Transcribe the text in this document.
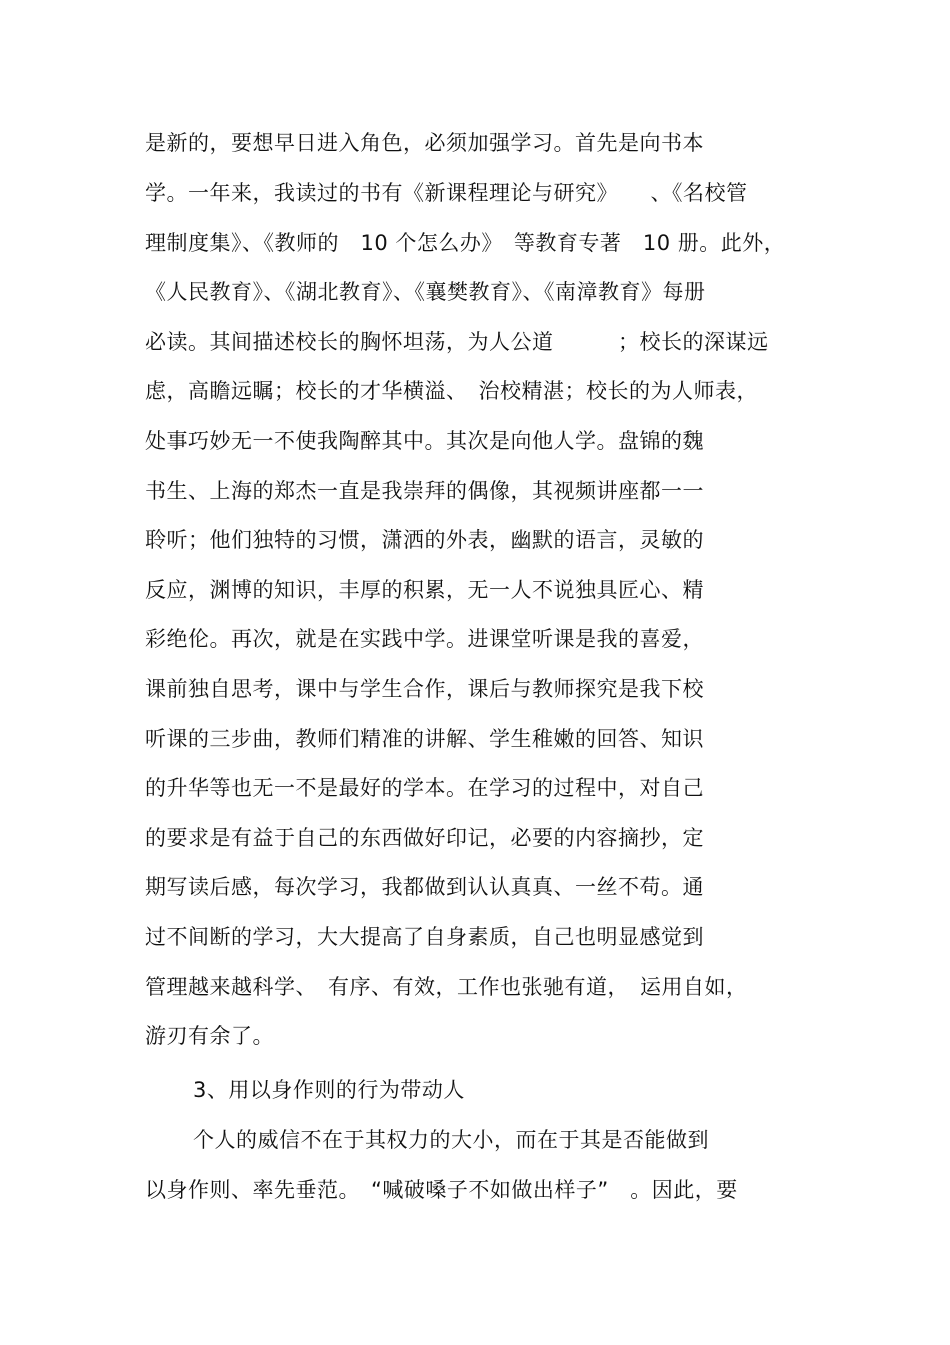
是新的，要想早日进入角色，必须加强学习。首先是向书本
学。一年来，我读过的书有《新课程理论与研究》　　、《名校管
理制度集》、《教师的　10 个怎么办》　等教育专著　10 册。此外，
《人民教育》、《湖北教育》、《襄樊教育》、《南漳教育》每册
必读。其间描述校长的胸怀坦荡，为人公道　　　；校长的深谋远
虑，高瞻远瞩；校长的才华横溢、　治校精湛；校长的为人师表，
处事巧妙无一不使我陶醉其中。其次是向他人学。盘锦的魏
书生、上海的郑杰一直是我崇拜的偶像，其视频讲座都一一
聆听；他们独特的习惯，潇洒的外表，幽默的语言，灵敏的
反应，渊博的知识，丰厚的积累，无一人不说独具匠心、精
彩绝伦。再次，就是在实践中学。进课堂听课是我的喜爱，
课前独自思考，课中与学生合作，课后与教师探究是我下校
听课的三步曲，教师们精准的讲解、学生稚嫩的回答、知识
的升华等也无一不是最好的学本。在学习的过程中，对自己
的要求是有益于自己的东西做好印记，必要的内容摘抄，定
期写读后感，每次学习，我都做到认认真真、一丝不苟。通
过不间断的学习，大大提高了自身素质，自己也明显感觉到
管理越来越科学、　有序、有效，工作也张驰有道，　运用自如，
游刃有余了。
3、用以身作则的行为带动人
个人的威信不在于其权力的大小，而在于其是否能做到
以身作则、率先垂范。　“喊破嗓子不如做出样子”　。因此，要
